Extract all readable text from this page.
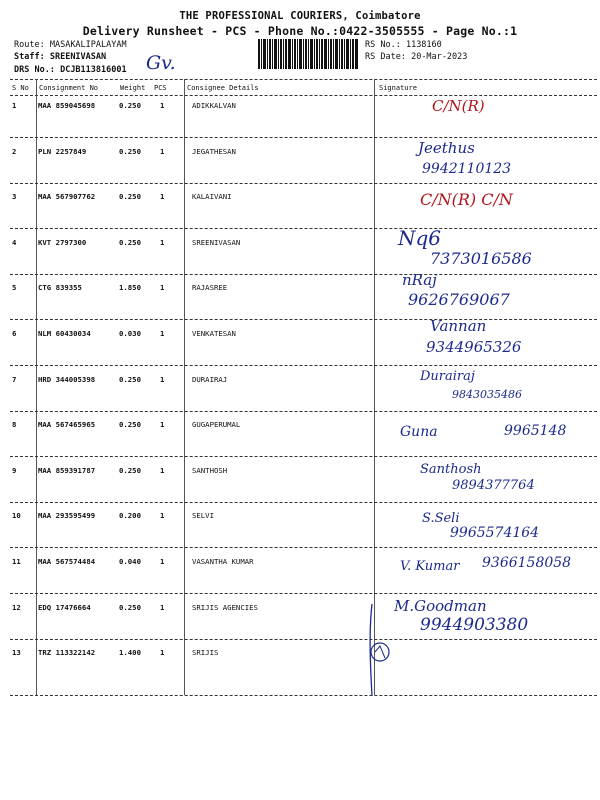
THE PROFESSIONAL COURIERS, Coimbatore
Delivery Runsheet - PCS - Phone No.:0422-3505555 - Page No.:1
Route: MASAKALIPALAYAM
Staff: SREENIVASAN
DRS No.: DCJB113816001 Gv.
RS No.: 1138160
RS Date: 20-Mar-2023
S No Consignment No	Weight PCS	Consignee Details	Signature
1	MAA 859045698	0.250	1	ADIKKALVAN	C/N(R)
2	PLN 2257849	0.250	1	JEGATHESAN	Jeethus
9942110123
3	MAA 567907762	0.250	1	KALAIVANI	C/N(R) C/N
4	KVT 2797300	0.250	1	SREENIVASAN	Nq6
7373016586
5	CTG 839355	1.850	1	RAJASREE	nRaj
9626769067
6	NLM 60430034	0.030	1	VENKATESAN	Vannan
9344965326
7	HRD 344005398	0.250	1	DURAIRAJ	Durairaj
9843035486
8	MAA 567465965	0.250	1	GUGAPERUMAL	Guna	9965148
9	MAA 859391787	0.250	1	SANTHOSH	Santhosh
9894377764
10 MAA 293595499	0.200	1	SELVI	S.Seli
9965574164
11 MAA 567574484	0.040	1	VASANTHA KUMAR	V. Kumar 9366158058
12 EDQ 17476664	0.250	1	SRIJIS AGENCIES	M.Goodman
9944903380
13 TRZ 113322142	1.400	1	SRIJIS
